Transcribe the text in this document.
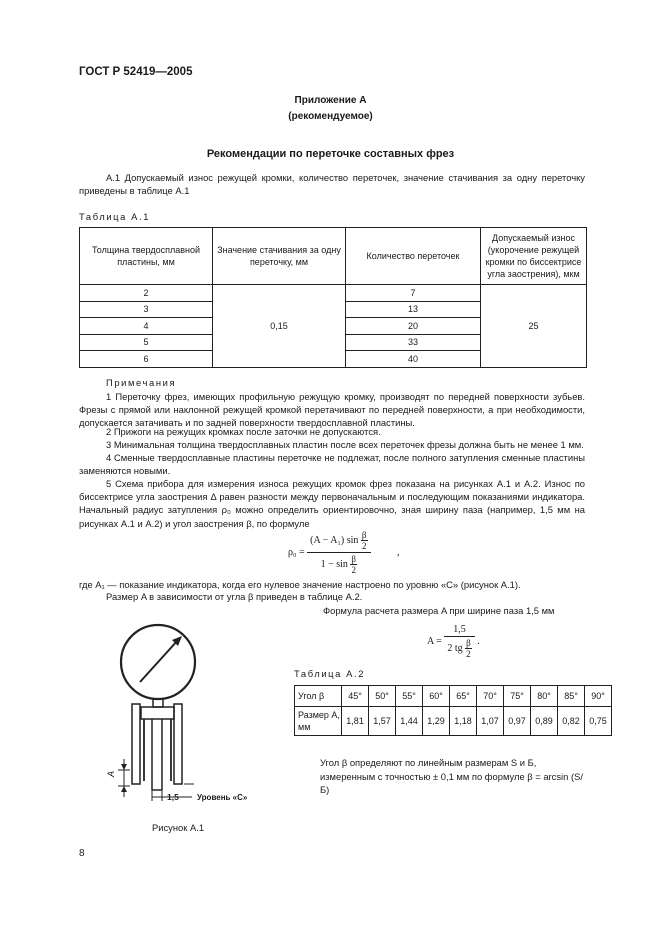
ГОСТ Р 52419—2005
Приложение А
(рекомендуемое)
Рекомендации по переточке составных фрез
А.1 Допускаемый износ режущей кромки, количество переточек, значение стачивания за одну переточку приведены в таблице А.1
Таблица А.1
Толщина твердосплавной пластины, мм	Значение стачивания за одну переточку, мм	Количество переточек	Допускаемый износ (укорочение режущей кромки по биссектрисе угла заострения), мкм
2	0,15	7	25
3		13	
4		20	
5		33	
6		40	
Примечания
1 Переточку фрез, имеющих профильную режущую кромку, производят по передней поверхности зубьев. Фрезы с прямой или наклонной режущей кромкой перетачивают по передней поверхности, а при необходимости, допускается затачивать и по задней поверхности твердосплавной пластины.
2 Прижоги на режущих кромках после заточки не допускаются.
3 Минимальная толщина твердосплавных пластин после всех переточек фрезы должна быть не менее 1 мм.
4 Сменные твердосплавные пластины переточке не подлежат, после полного затупления сменные пластины заменяются новыми.
5 Схема прибора для измерения износа режущих кромок фрез показана на рисунках А.1 и А.2. Износ по биссектрисе угла заострения Δ равен разности между первоначальным и последующим показаниями индикатора. Начальный радиус затупления ρ₀ можно определить ориентировочно, зная ширину паза (например, 1,5 мм на рисунках А.1 и А.2) и угол заострения β, по формуле
$\rho_0 = \frac{(A - A_1) \sin \frac{\beta}{2}}{1 - \sin \frac{\beta}{2}}$	,
где A₁ — показание индикатора, когда его нулевое значение настроено по уровню «С» (рисунок А.1).
Размер A в зависимости от угла β приведен в таблице А.2.
Формула расчета размера A при ширине паза 1,5 мм
$A = \frac{1,5}{2 tg \frac{\beta}{2}}$ .
Таблица А.2
Угол β	45°	50°	55°	60°	65°	70°	75°	80°	85°	90°
Размер A, мм	1,81	1,57	1,44	1,29	1,18	1,07	0,97	0,89	0,82	0,75
Угол β определяют по линейным размерам S и Б, измеренным с точностью ± 0,1 мм по формуле β = arcsin (S/Б)
A
1,5 Уровень «С»
Рисунок А.1
8
